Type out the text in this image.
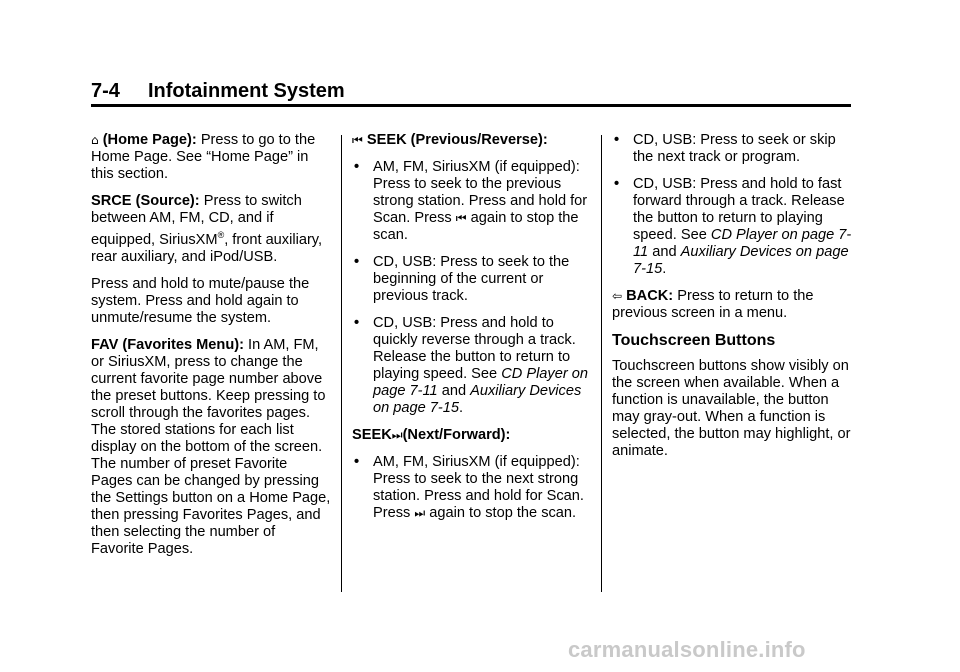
7-4 Infotainment System

⌂ (Home Page): Press to go to the Home Page. See “Home Page” in this section.

SRCE (Source): Press to switch between AM, FM, CD, and if equipped, SiriusXM®, front auxiliary, rear auxiliary, and iPod/USB.

Press and hold to mute/pause the system. Press and hold again to unmute/resume the system.

FAV (Favorites Menu): In AM, FM, or SiriusXM, press to change the current favorite page number above the preset buttons. Keep pressing to scroll through the favorites pages. The stored stations for each list display on the bottom of the screen. The number of preset Favorite Pages can be changed by pressing the Settings button on a Home Page, then pressing Favorites Pages, and then selecting the number of Favorite Pages.

⏮ SEEK (Previous/Reverse):

• AM, FM, SiriusXM (if equipped): Press to seek to the previous strong station. Press and hold for Scan. Press ⏮ again to stop the scan.
• CD, USB: Press to seek to the beginning of the current or previous track.
• CD, USB: Press and hold to quickly reverse through a track. Release the button to return to playing speed. See CD Player on page 7-11 and Auxiliary Devices on page 7-15.

SEEK⏭(Next/Forward):

• AM, FM, SiriusXM (if equipped): Press to seek to the next strong station. Press and hold for Scan. Press ⏭ again to stop the scan.
• CD, USB: Press to seek or skip the next track or program.
• CD, USB: Press and hold to fast forward through a track. Release the button to return to playing speed. See CD Player on page 7-11 and Auxiliary Devices on page 7-15.

⇦ BACK: Press to return to the previous screen in a menu.

Touchscreen Buttons

Touchscreen buttons show visibly on the screen when available. When a function is unavailable, the button may gray-out. When a function is selected, the button may highlight, or animate.

carmanualsonline.info
